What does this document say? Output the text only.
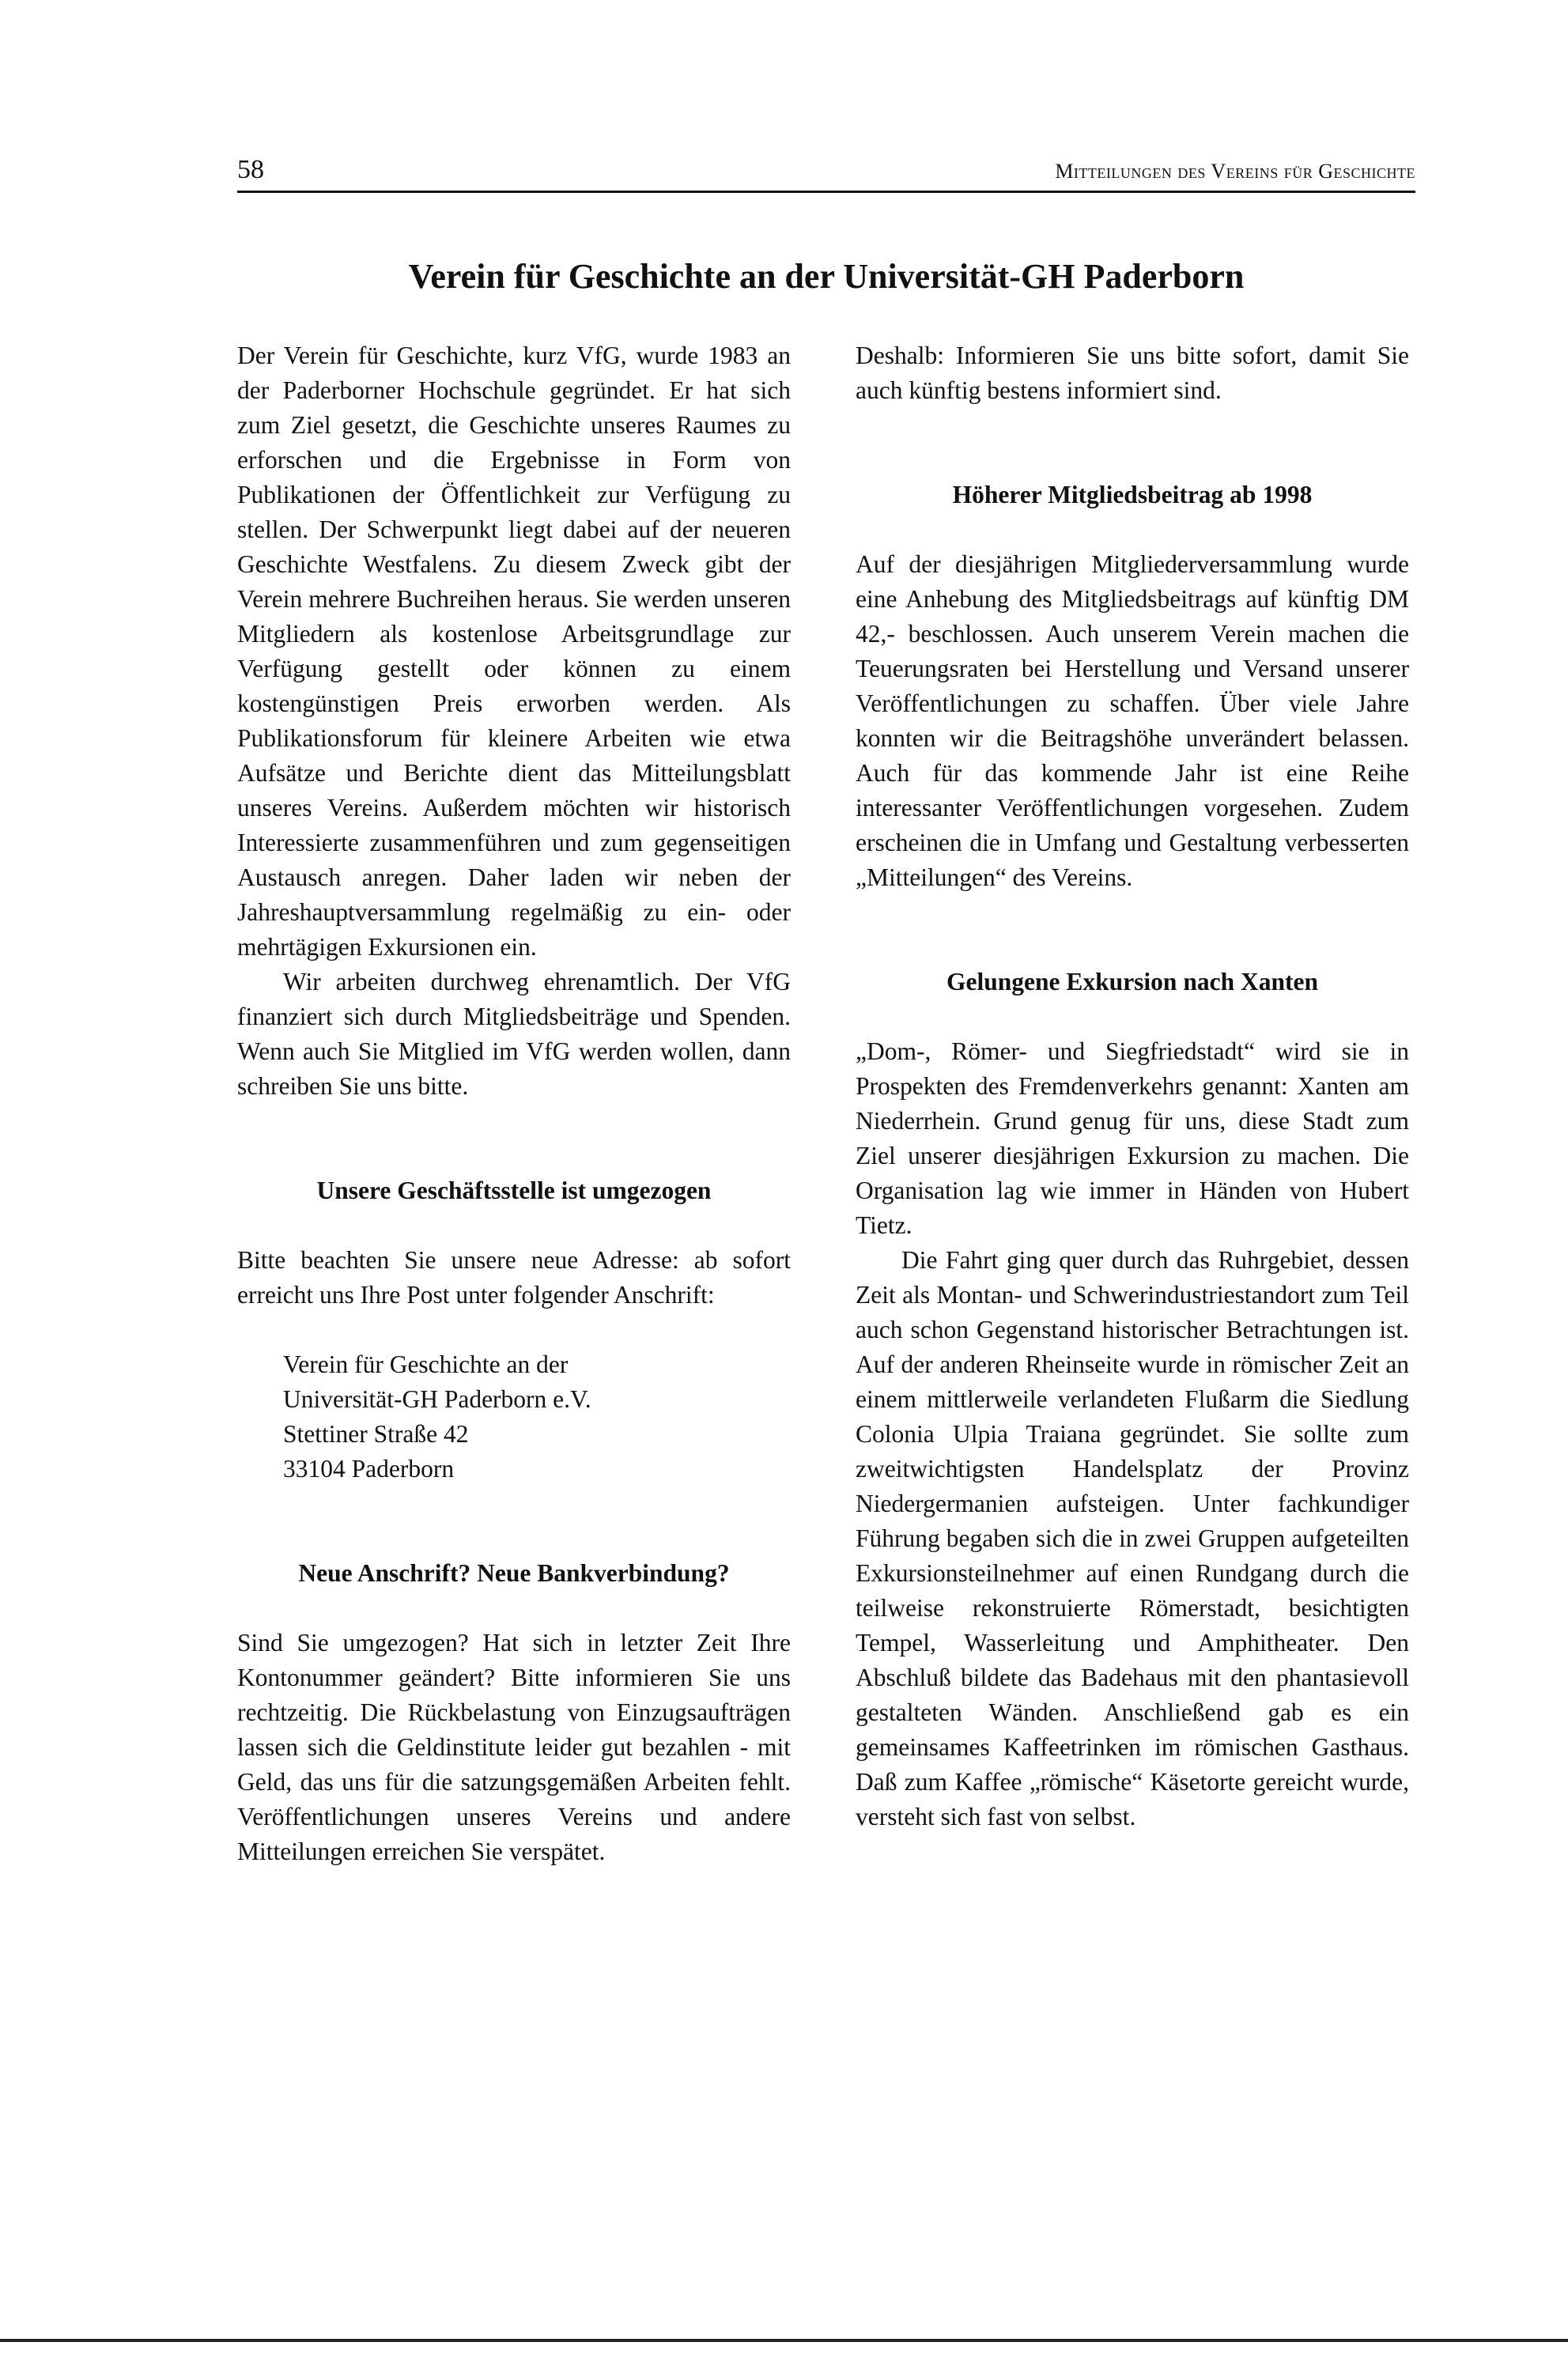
58	Mitteilungen des Vereins für Geschichte
Verein für Geschichte an der Universität-GH Paderborn

Der Verein für Geschichte, kurz VfG, wurde 1983 an der Paderborner Hochschule gegründet. Er hat sich zum Ziel gesetzt, die Geschichte unseres Raumes zu erforschen und die Ergebnisse in Form von Publikationen der Öffentlichkeit zur Verfügung zu stellen. Der Schwerpunkt liegt dabei auf der neueren Geschichte Westfalens. Zu diesem Zweck gibt der Verein mehrere Buchreihen heraus. Sie werden unseren Mitgliedern als kostenlose Arbeitsgrundlage zur Verfügung gestellt oder können zu einem kostengünstigen Preis erworben werden. Als Publikationsforum für kleinere Arbeiten wie etwa Aufsätze und Berichte dient das Mitteilungsblatt unseres Vereins. Außerdem möchten wir historisch Interessierte zusammenführen und zum gegenseitigen Austausch anregen. Daher laden wir neben der Jahreshauptversammlung regelmäßig zu ein- oder mehrtägigen Exkursionen ein.

Wir arbeiten durchweg ehrenamtlich. Der VfG finanziert sich durch Mitgliedsbeiträge und Spenden. Wenn auch Sie Mitglied im VfG werden wollen, dann schreiben Sie uns bitte.

Unsere Geschäftsstelle ist umgezogen

Bitte beachten Sie unsere neue Adresse: ab sofort erreicht uns Ihre Post unter folgender Anschrift:

Verein für Geschichte an der
Universität-GH Paderborn e.V.
Stettiner Straße 42
33104 Paderborn
Neue Anschrift? Neue Bankverbindung?

Sind Sie umgezogen? Hat sich in letzter Zeit Ihre Kontonummer geändert? Bitte informieren Sie uns rechtzeitig. Die Rückbelastung von Einzugsaufträgen lassen sich die Geldinstitute leider gut bezahlen - mit Geld, das uns für die satzungsgemäßen Arbeiten fehlt. Veröffentlichungen unseres Vereins und andere Mitteilungen erreichen Sie verspätet.

Deshalb: Informieren Sie uns bitte sofort, damit Sie auch künftig bestens informiert sind.

Höherer Mitgliedsbeitrag ab 1998

Auf der diesjährigen Mitgliederversammlung wurde eine Anhebung des Mitgliedsbeitrags auf künftig DM 42,- beschlossen. Auch unserem Verein machen die Teuerungsraten bei Herstellung und Versand unserer Veröffentlichungen zu schaffen. Über viele Jahre konnten wir die Beitragshöhe unverändert belassen. Auch für das kommende Jahr ist eine Reihe interessanter Veröffentlichungen vorgesehen. Zudem erscheinen die in Umfang und Gestaltung verbesserten „Mitteilungen“ des Vereins.

Gelungene Exkursion nach Xanten

„Dom-, Römer- und Siegfriedstadt“ wird sie in Prospekten des Fremdenverkehrs genannt: Xanten am Niederrhein. Grund genug für uns, diese Stadt zum Ziel unserer diesjährigen Exkursion zu machen. Die Organisation lag wie immer in Händen von Hubert Tietz.

Die Fahrt ging quer durch das Ruhrgebiet, dessen Zeit als Montan- und Schwerindustriestandort zum Teil auch schon Gegenstand historischer Betrachtungen ist. Auf der anderen Rheinseite wurde in römischer Zeit an einem mittlerweile verlandeten Flußarm die Siedlung Colonia Ulpia Traiana gegründet. Sie sollte zum zweitwichtigsten Handelsplatz der Provinz Niedergermanien aufsteigen. Unter fachkundiger Führung begaben sich die in zwei Gruppen aufgeteilten Exkursionsteilnehmer auf einen Rundgang durch die teilweise rekonstruierte Römerstadt, besichtigten Tempel, Wasserleitung und Amphitheater. Den Abschluß bildete das Badehaus mit den phantasievoll gestalteten Wänden. Anschließend gab es ein gemeinsames Kaffeetrinken im römischen Gasthaus. Daß zum Kaffee „römische“ Käsetorte gereicht wurde, versteht sich fast von selbst.
